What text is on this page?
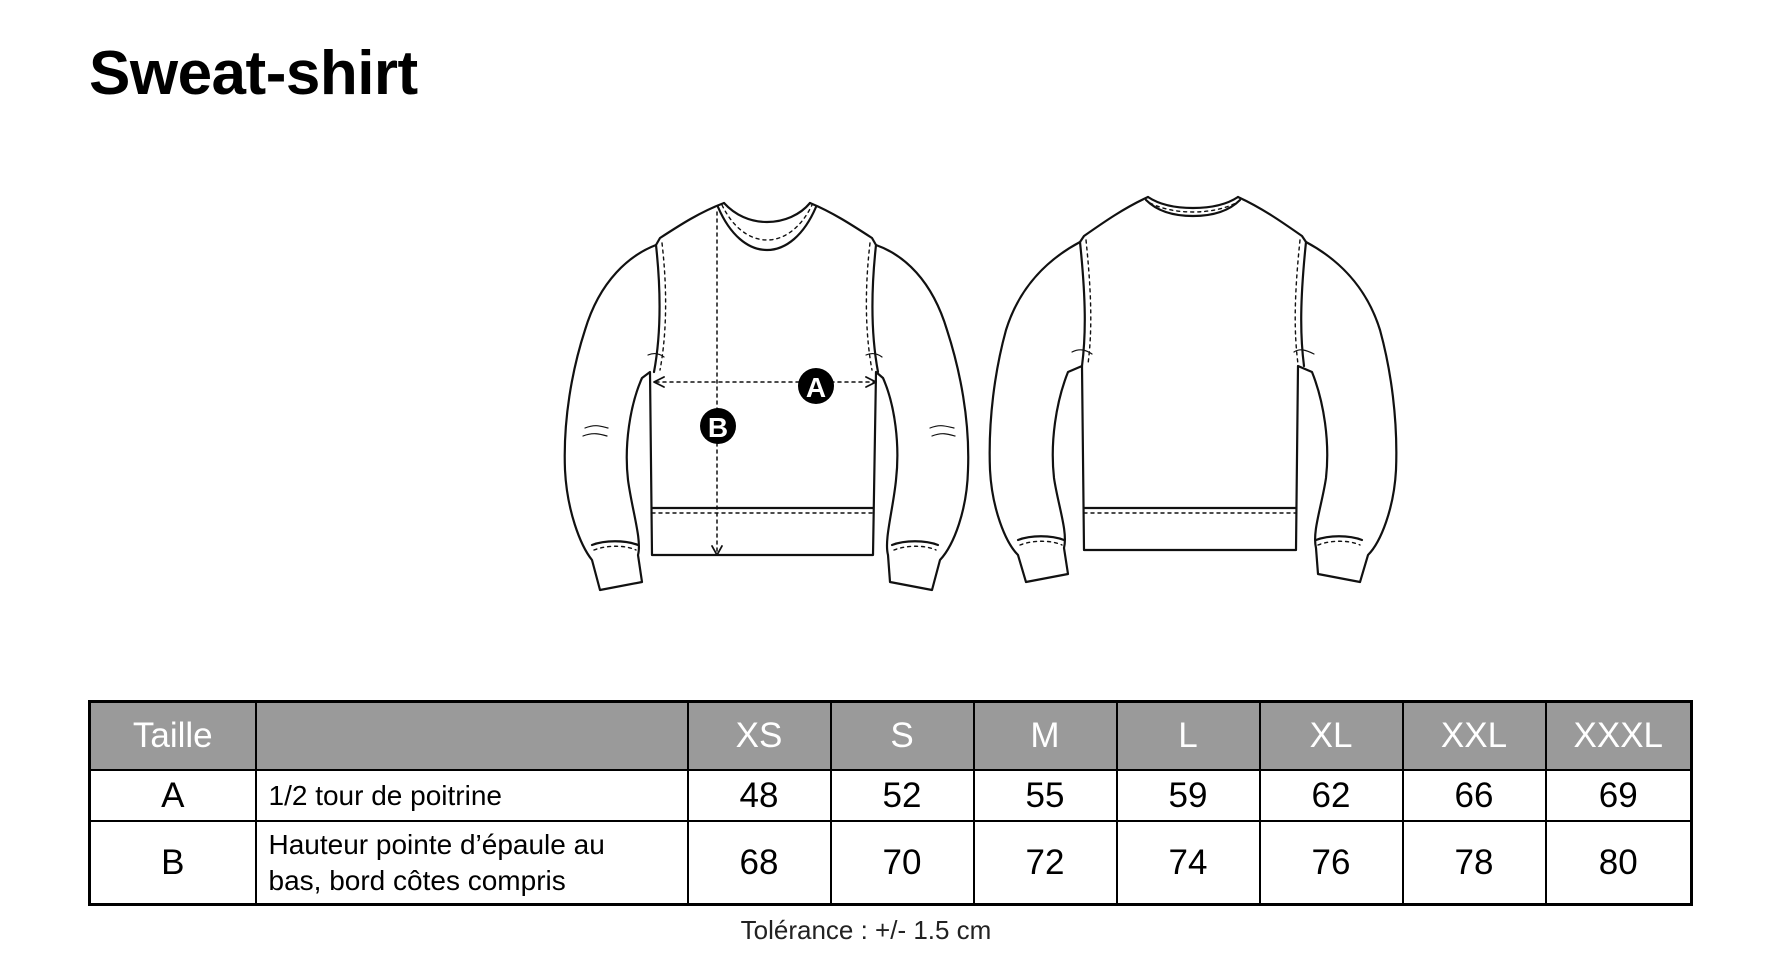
Sweat-shirt
A
B
Taille		XS	S	M	L	XL	XXL	XXXL
A	1/2 tour de poitrine	48	52	55	59	62	66	69
B	Hauteur pointe d’épaule au
bas, bord côtes compris	68	70	72	74	76	78	80
Tolérance : +/- 1.5 cm
